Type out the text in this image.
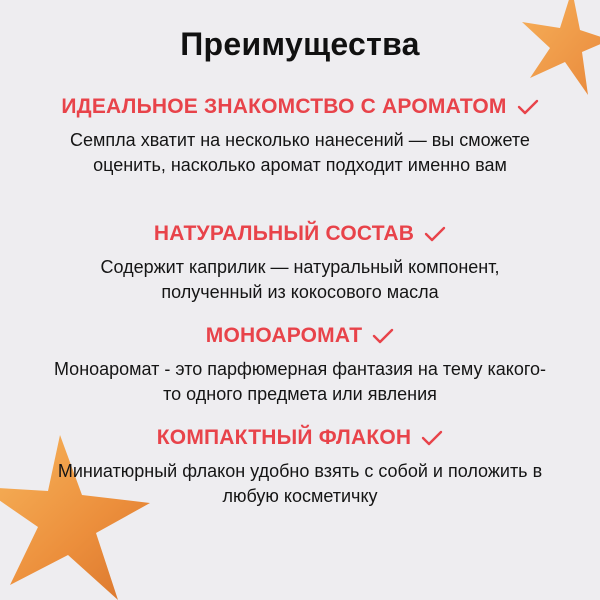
Преимущества
ИДЕАЛЬНОЕ ЗНАКОМСТВО С АРОМАТОМ
Семпла хватит на несколько нанесений — вы сможете оценить, насколько аромат подходит именно вам
НАТУРАЛЬНЫЙ СОСТАВ
Содержит каприлик — натуральный компонент, полученный из кокосового масла
МОНОАРОМАТ
Моноаромат - это парфюмерная фантазия на тему какого-то одного предмета или явления
КОМПАКТНЫЙ ФЛАКОН
Миниатюрный флакон удобно взять с собой и положить в любую косметичку
